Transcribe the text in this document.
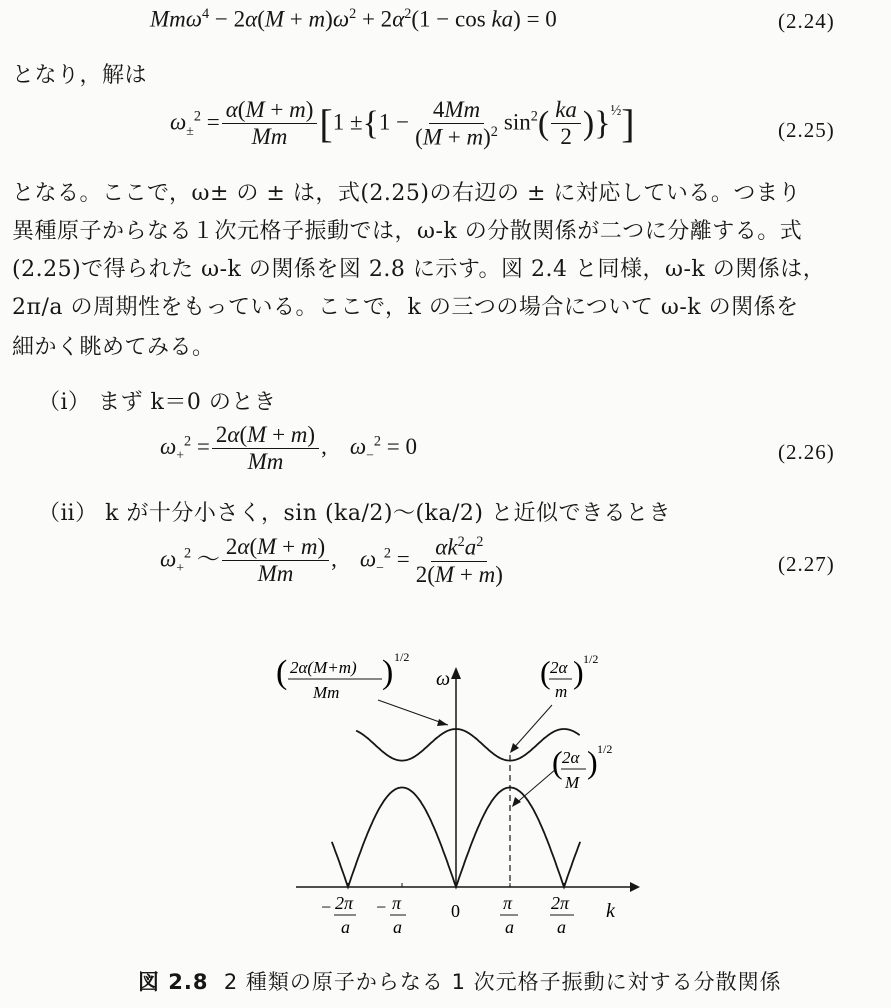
$Mm\omega^4 - 2\alpha(M + m)\omega^2 + 2\alpha^2(1 - \cos ka) = 0$	(2.24)
となり，解は
$\omega_\pm^2 = \frac{\alpha(M + m)}{Mm} [1 \pm\{1 - \frac{4Mm}{(M + m)^2} \sin^2( \frac{ka}{2} )\}^{\frac{1}{2}}]$	(2.25)
となる。ここで，ω± の ± は，式(2.25)の右辺の ± に対応している。つまり
異種原子からなる１次元格子振動では，ω-k の分散関係が二つに分離する。式
(2.25)で得られた ω-k の関係を図 2.8 に示す。図 2.4 と同様，ω-k の関係は，
2π/a の周期性をもっている。ここで，k の三つの場合について ω-k の関係を
細かく眺めてみる。
（ⅰ） まず k＝0 のとき
$\omega_+^2 = \frac{2\alpha(M + m)}{Mm}$ ,    $\omega_-^2 = 0$	(2.26)
（ⅱ） k が十分小さく，sin (ka/2)～(ka/2) と近似できるとき
$\omega_+^2$ ～ $\frac{2\alpha(M + m)}{Mm}$ ,    $\omega_-^2 = \frac{\alpha k^2a^2}{2(M + m)}$	(2.27)
ω
k
− 2π
a
− π
a
0 π
a
2π
a
( 2α(M+m)
Mm
) 1/2	( 2α
m
) 1/2
( 2α
M
) 1/2
図 2.8 2 種類の原子からなる 1 次元格子振動に対する分散関係
